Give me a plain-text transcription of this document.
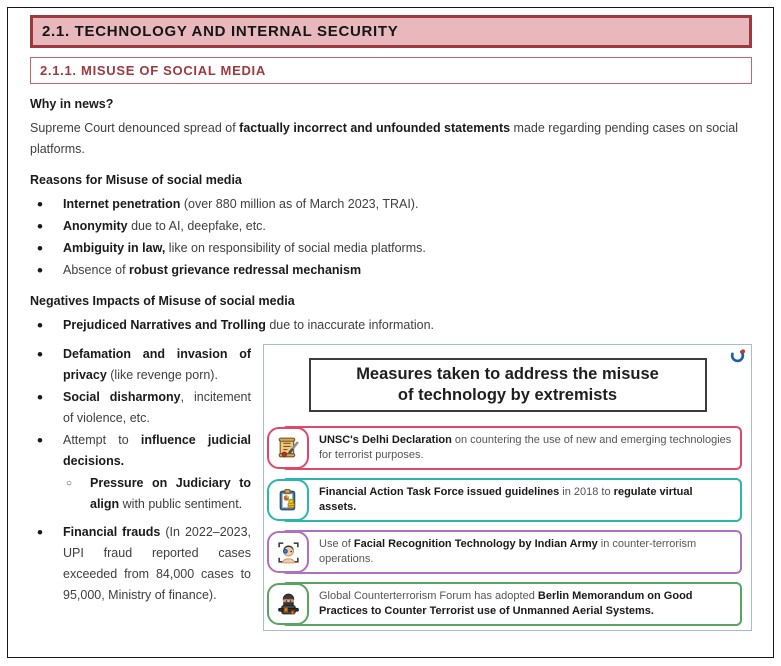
2.1. TECHNOLOGY AND INTERNAL SECURITY
2.1.1. MISUSE OF SOCIAL MEDIA

Why in news?

Supreme Court denounced spread of factually incorrect and unfounded statements made regarding pending cases on social platforms.

Reasons for Misuse of social media

• Internet penetration (over 880 million as of March 2023, TRAI).
• Anonymity due to AI, deepfake, etc.
• Ambiguity in law, like on responsibility of social media platforms.
• Absence of robust grievance redressal mechanism

Negatives Impacts of Misuse of social media

• Prejudiced Narratives and Trolling due to inaccurate information.
Measures taken to address the misuse
of technology by extremists
UNSC's Delhi Declaration on countering the use of new and emerging technologies for terrorist purposes.
Financial Action Task Force issued guidelines in 2018 to regulate virtual assets.
Use of Facial Recognition Technology by Indian Army in counter-terrorism operations.
Global Counterterrorism Forum has adopted Berlin Memorandum on Good Practices to Counter Terrorist use of Unmanned Aerial Systems.
• Defamation and invasion of privacy (like revenge porn).
• Social disharmony, incitement of violence, etc.
• Attempt to influence judicial decisions.
○ Pressure on Judiciary to align with public sentiment.
• Financial frauds (In 2022–2023, UPI fraud reported cases exceeded from 84,000 cases to 95,000, Ministry of finance).
